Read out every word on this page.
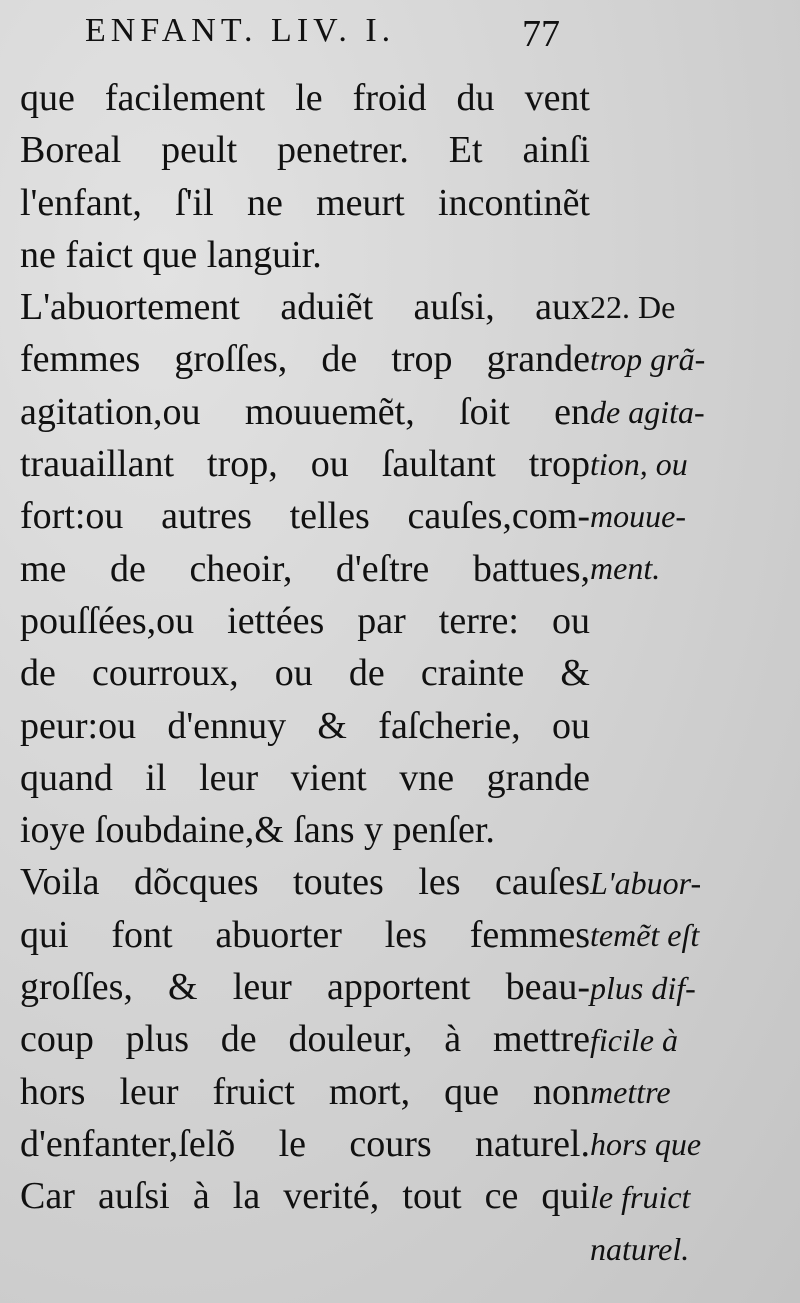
ENFANT. LIV. I.	77
que facilement le froid du vent
Boreal peult penetrer. Et ainſi
l'enfant, ſ'il ne meurt incontinẽt
ne faict que languir.
L'abuortement aduiẽt auſsi, aux
femmes groſſes, de trop grande
agitation,ou mouuemẽt, ſoit en
trauaillant trop, ou ſaultant trop
fort:ou autres telles cauſes,com-
me de cheoir, d'eſtre battues,
pouſſées,ou iettées par terre: ou
de courroux, ou de crainte &
peur:ou d'ennuy & faſcherie, ou
quand il leur vient vne grande
ioye ſoubdaine,& ſans y penſer.
Voila dõcques toutes les cauſes
qui font abuorter les femmes
groſſes, & leur apportent beau-
coup plus de douleur, à mettre
hors leur fruict mort, que non
d'enfanter,ſelõ le cours naturel.
Car auſsi à la verité, tout ce qui
22. De
trop grã-
de agita-
tion, ou
mouue-
ment.
L'abuor-
temẽt eſt
plus dif-
ficile à
mettre
hors que
le fruict
naturel.
